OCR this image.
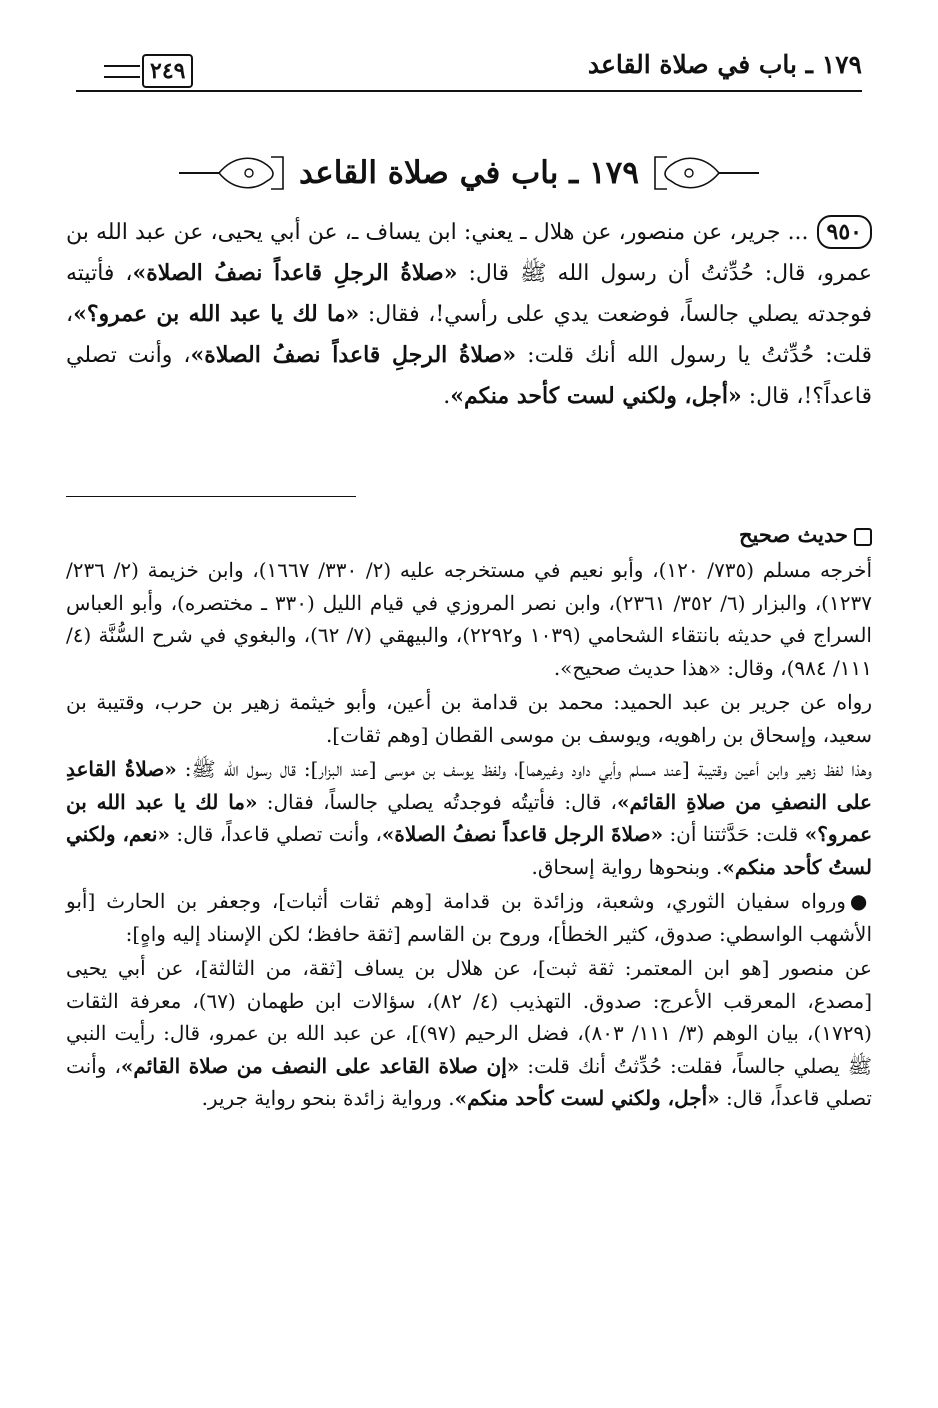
١٧٩ ـ باب في صلاة القاعد
٢٤٩
١٧٩ ـ باب في صلاة القاعد

٩٥٠... جرير، عن منصور، عن هلال ـ يعني: ابن يساف ـ، عن أبي يحيى، عن عبد الله بن عمرو، قال: حُدِّثتُ أن رسول الله ﷺ قال: «صلاةُ الرجلِ قاعداً نصفُ الصلاة»، فأتيته فوجدته يصلي جالساً، فوضعت يدي على رأسي!، فقال: «ما لك يا عبد الله بن عمرو؟»، قلت: حُدِّثتُ يا رسول الله أنك قلت: «صلاةُ الرجلِ قاعداً نصفُ الصلاة»، وأنت تصلي قاعداً؟!، قال: «أجل، ولكني لست كأحد منكم».

حديث صحيح

أخرجه مسلم (٧٣٥/ ١٢٠)، وأبو نعيم في مستخرجه عليه (٢/ ٣٣٠/ ١٦٦٧)، وابن خزيمة (٢/ ٢٣٦/ ١٢٣٧)، والبزار (٦/ ٣٥٢/ ٢٣٦١)، وابن نصر المروزي في قيام الليل (٣٣٠ ـ مختصره)، وأبو العباس السراج في حديثه بانتقاء الشحامي (١٠٣٩ و٢٢٩٢)، والبيهقي (٧/ ٦٢)، والبغوي في شرح السُّنَّة (٤/ ١١١/ ٩٨٤)، وقال: «هذا حديث صحيح».

رواه عن جرير بن عبد الحميد: محمد بن قدامة بن أعين، وأبو خيثمة زهير بن حرب، وقتيبة بن سعيد، وإسحاق بن راهويه، ويوسف بن موسى القطان [وهم ثقات].

وهذا لفظ زهير وابن أعين وقتيبة [عند مسلم وأبي داود وغيرهما]، ولفظ يوسف بن موسى [عند البزار]: قال رسول الله ﷺ: «صلاةُ القاعدِ على النصفِ من صلاةِ القائم»، قال: فأتيتُه فوجدتُه يصلي جالساً، فقال: «ما لك يا عبد الله بن عمرو؟» قلت: حَدَّثتنا أن: «صلاةَ الرجل قاعداً نصفُ الصلاة»، وأنت تصلي قاعداً، قال: «نعم، ولكني لستُ كأحد منكم». وبنحوها رواية إسحاق.

●ورواه سفيان الثوري، وشعبة، وزائدة بن قدامة [وهم ثقات أثبات]، وجعفر بن الحارث [أبو الأشهب الواسطي: صدوق، كثير الخطأ]، وروح بن القاسم [ثقة حافظ؛ لكن الإسناد إليه واهٍ]:

عن منصور [هو ابن المعتمر: ثقة ثبت]، عن هلال بن يساف [ثقة، من الثالثة]، عن أبي يحيى [مصدع، المعرقب الأعرج: صدوق. التهذيب (٤/ ٨٢)، سؤالات ابن طهمان (٦٧)، معرفة الثقات (١٧٢٩)، بيان الوهم (٣/ ١١١/ ٨٠٣)، فضل الرحيم (٩٧)]، عن عبد الله بن عمرو، قال: رأيت النبي ﷺ يصلي جالساً، فقلت: حُدِّثتُ أنك قلت: «إن صلاة القاعد على النصف من صلاة القائم»، وأنت تصلي قاعداً، قال: «أجل، ولكني لست كأحد منكم». ورواية زائدة بنحو رواية جرير.
